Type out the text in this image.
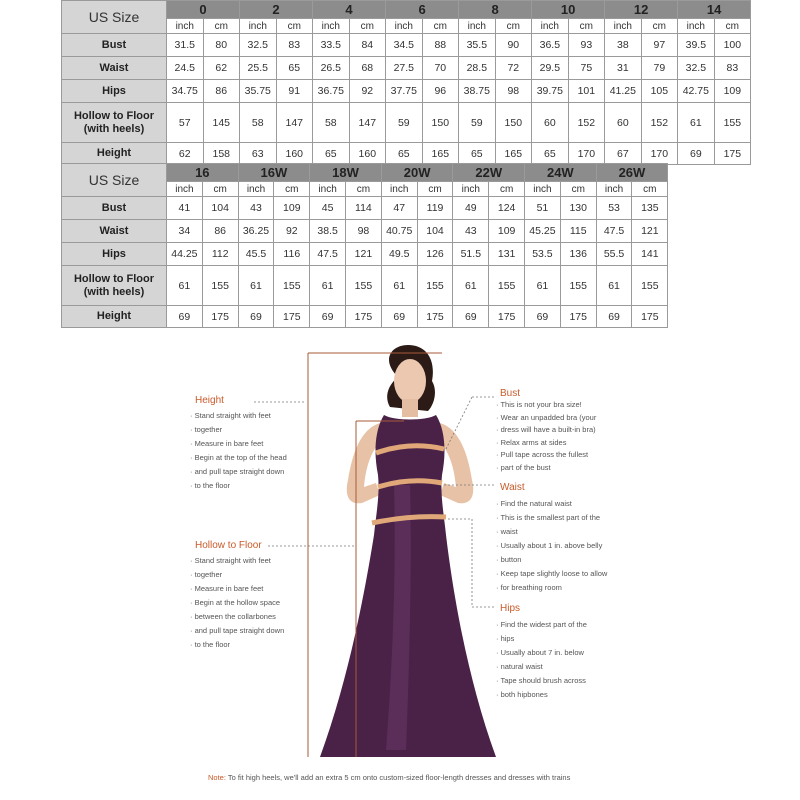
US Size	0		2		4		6		8		10		12		14	
	inch	cm	inch	cm	inch	cm	inch	cm	inch	cm	inch	cm	inch	cm	inch	cm
Bust	31.5	80	32.5	83	33.5	84	34.5	88	35.5	90	36.5	93	38	97	39.5	100
Waist	24.5	62	25.5	65	26.5	68	27.5	70	28.5	72	29.5	75	31	79	32.5	83
Hips	34.75	86	35.75	91	36.75	92	37.75	96	38.75	98	39.75	101	41.25	105	42.75	109
Hollow to Floor
(with heels)	57	145	58	147	58	147	59	150	59	150	60	152	60	152	61	155
Height	62	158	63	160	65	160	65	165	65	165	65	170	67	170	69	175
US Size	16		16W		18W		20W		22W		24W		26W	
	inch	cm	inch	cm	inch	cm	inch	cm	inch	cm	inch	cm	inch	cm
Bust	41	104	43	109	45	114	47	119	49	124	51	130	53	135
Waist	34	86	36.25	92	38.5	98	40.75	104	43	109	45.25	115	47.5	121
Hips	44.25	112	45.5	116	47.5	121	49.5	126	51.5	131	53.5	136	55.5	141
Hollow to Floor
(with heels)	61	155	61	155	61	155	61	155	61	155	61	155	61	155
Height	69	175	69	175	69	175	69	175	69	175	69	175	69	175
Height
· Stand straight with feet
· together
· Measure in bare feet
· Begin at the top of the head
· and pull tape straight down
· to the floor
Hollow to Floor
· Stand straight with feet
· together
· Measure in bare feet
· Begin at the hollow space
· between the collarbones
· and pull tape straight down
· to the floor
Bust
· This is not your bra size!
· Wear an unpadded bra (your
· dress will have a built-in bra)
· Relax arms at sides
· Pull tape across the fullest
· part of the bust
Waist
· Find the natural waist
· This is the smallest part of the
· waist
· Usually about 1 in. above belly
· button
· Keep tape slightly loose to allow
· for breathing room
Hips
· Find the widest part of the
· hips
· Usually about 7 in. below
· natural waist
· Tape should brush across
· both hipbones
Note: To fit high heels, we'll add an extra 5 cm onto custom-sized floor-length dresses and dresses with trains
